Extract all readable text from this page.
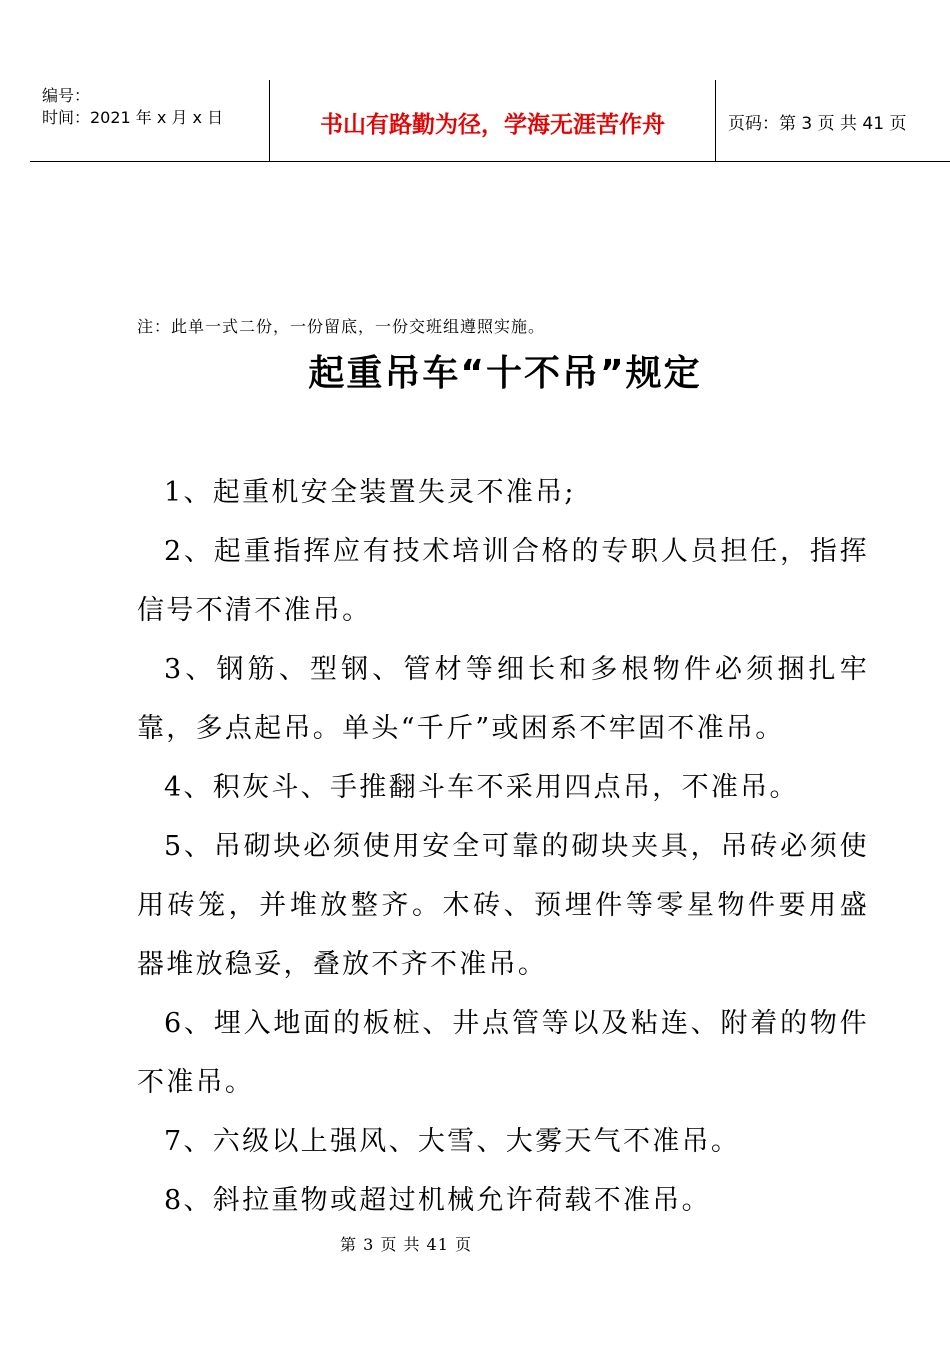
编号：
时间：2021 年 x 月 x 日	书山有路勤为径，学海无涯苦作舟	页码：第 3 页 共 41 页
注：此单一式二份，一份留底，一份交班组遵照实施。
起重吊车“十不吊”规定

1、起重机安全装置失灵不准吊;

2、起重指挥应有技术培训合格的专职人员担任，指挥信号不清不准吊。

3、钢筋、型钢、管材等细长和多根物件必须捆扎牢靠，多点起吊。单头“千斤”或困系不牢固不准吊。

4、积灰斗、手推翻斗车不采用四点吊，不准吊。

5、吊砌块必须使用安全可靠的砌块夹具，吊砖必须使用砖笼，并堆放整齐。木砖、预埋件等零星物件要用盛器堆放稳妥，叠放不齐不准吊。

6、埋入地面的板桩、井点管等以及粘连、附着的物件不准吊。

7、六级以上强风、大雪、大雾天气不准吊。

8、斜拉重物或超过机械允许荷载不准吊。

第 3 页 共 41 页
